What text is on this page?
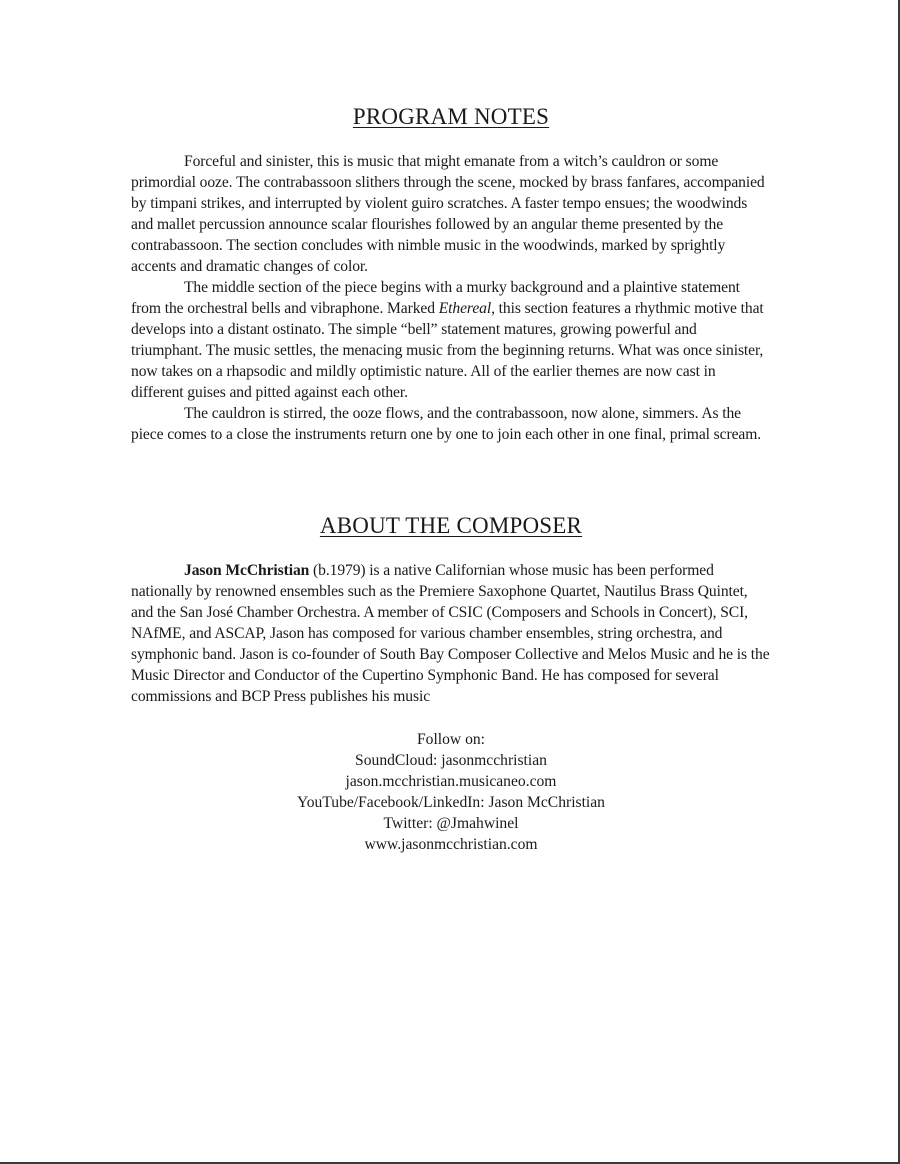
PROGRAM NOTES

Forceful and sinister, this is music that might emanate from a witch’s cauldron or some primordial ooze. The contrabassoon slithers through the scene, mocked by brass fanfares, accompanied by timpani strikes, and interrupted by violent guiro scratches. A faster tempo ensues; the woodwinds and mallet percussion announce scalar flourishes followed by an angular theme presented by the contrabassoon. The section concludes with nimble music in the woodwinds, marked by sprightly accents and dramatic changes of color.

The middle section of the piece begins with a murky background and a plaintive statement from the orchestral bells and vibraphone. Marked Ethereal, this section features a rhythmic motive that develops into a distant ostinato. The simple “bell” statement matures, growing powerful and triumphant. The music settles, the menacing music from the beginning returns. What was once sinister, now takes on a rhapsodic and mildly optimistic nature. All of the earlier themes are now cast in different guises and pitted against each other.

The cauldron is stirred, the ooze flows, and the contrabassoon, now alone, simmers. As the piece comes to a close the instruments return one by one to join each other in one final, primal scream.

ABOUT THE COMPOSER

Jason McChristian (b.1979) is a native Californian whose music has been performed nationally by renowned ensembles such as the Premiere Saxophone Quartet, Nautilus Brass Quintet, and the San José Chamber Orchestra. A member of CSIC (Composers and Schools in Concert), SCI, NAfME, and ASCAP, Jason has composed for various chamber ensembles, string orchestra, and symphonic band. Jason is co-founder of South Bay Composer Collective and Melos Music and he is the Music Director and Conductor of the Cupertino Symphonic Band. He has composed for several commissions and BCP Press publishes his music

Follow on:
SoundCloud: jasonmcchristian
jason.mcchristian.musicaneo.com
YouTube/Facebook/LinkedIn: Jason McChristian
Twitter: @Jmahwinel
www.jasonmcchristian.com
